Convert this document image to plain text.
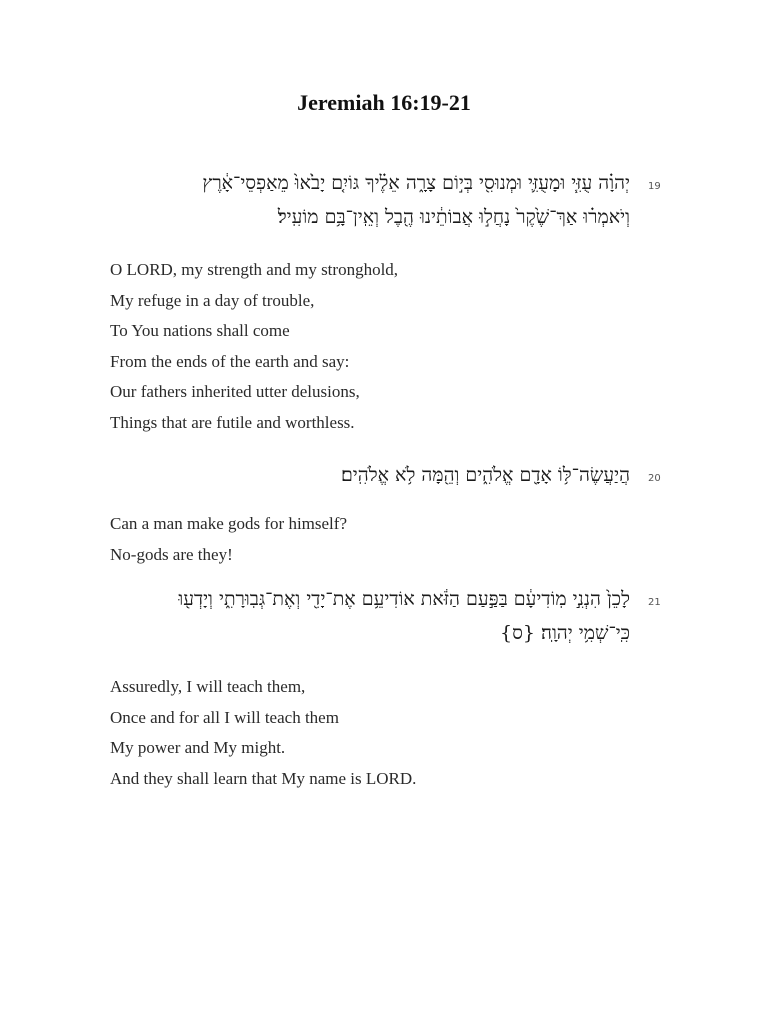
Jeremiah 16:19-21
19
יְהוָ֗ה עֻזִּ֧י וּמָעֻזִּ֛י וּמְנוּסִ֖י בְּי֣וֹם צָרָ֑ה אֵלֶ֗יךָ גּוֹיִ֤ם יָבֹ֙אוּ֙ מֵאַפְסֵי־אָ֔רֶץ
וְיֹאמְר֗וּ אַךְ־שֶׁ֙קֶר֙ נָחֲל֣וּ אֲבוֹתֵ֔ינוּ הֶ֖בֶל וְאֵֽין־בָּ֥ם מוֹעִֽיל׃
O LORD, my strength and my stronghold,
My refuge in a day of trouble,
To You nations shall come
From the ends of the earth and say:
Our fathers inherited utter delusions,
Things that are futile and worthless.
20
הֲיַעֲשֶׂה־לּ֥וֹ אָדָ֖ם אֱלֹהִ֑ים וְהֵ֖מָּה לֹ֥א אֱלֹהִֽים׃
Can a man make gods for himself?
No-gods are they!
21
לָכֵן֙ הִנְנִ֣י מֽוֹדִיעָ֔ם בַּפַּ֣עַם הַזֹּ֔את אוֹדִיעֵ֥ם אֶת־יָדִ֖י וְאֶת־גְּבֽוּרָתִ֑י וְיָדְע֖וּ
כִּֽי־שְׁמִ֥י יְהוָֽה׃ {ס}
Assuredly, I will teach them,
Once and for all I will teach them
My power and My might.
And they shall learn that My name is LORD.
